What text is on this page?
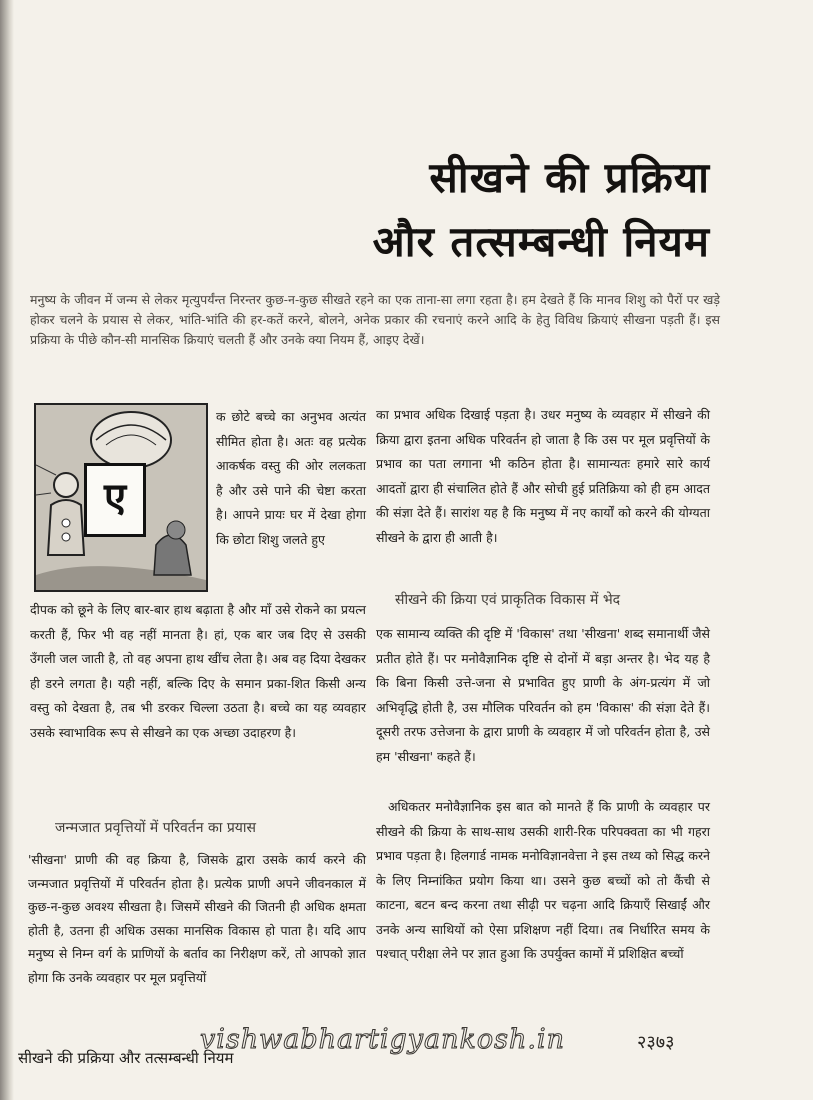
सीखने की प्रक्रिया
और तत्सम्बन्धी नियम
मनुष्य के जीवन में जन्म से लेकर मृत्युपर्यंन्त निरन्तर कुछ-न-कुछ सीखते रहने का एक ताना-सा लगा रहता है। हम देखते हैं कि मानव शिशु को पैरों पर खड़े होकर चलने के प्रयास से लेकर, भांति-भांति की हर-कतें करने, बोलने, अनेक प्रकार की रचनाएं करने आदि के हेतु विविध क्रियाएं सीखना पड़ती हैं। इस प्रक्रिया के पीछे कौन-सी मानसिक क्रियाएं चलती हैं और उनके क्या नियम हैं, आइए देखें।
ए
क छोटे बच्चे का अनुभव अत्यंत सीमित होता है। अतः वह प्रत्येक आकर्षक वस्तु की ओर ललकता है और उसे पाने की चेष्टा करता है। आपने प्रायः घर में देखा होगा कि छोटा शिशु जलते हुए
दीपक को छूने के लिए बार-बार हाथ बढ़ाता है और माँ उसे रोकने का प्रयत्न करती हैं, फिर भी वह नहीं मानता है। हां, एक बार जब दिए से उसकी उँगली जल जाती है, तो वह अपना हाथ खींच लेता है। अब वह दिया देखकर ही डरने लगता है। यही नहीं, बल्कि दिए के समान प्रका-शित किसी अन्य वस्तु को देखता है, तब भी डरकर चिल्ला उठता है। बच्चे का यह व्यवहार उसके स्वाभाविक रूप से सीखने का एक अच्छा उदाहरण है।
जन्मजात प्रवृत्तियों में परिवर्तन का प्रयास
'सीखना' प्राणी की वह क्रिया है, जिसके द्वारा उसके कार्य करने की जन्मजात प्रवृत्तियों में परिवर्तन होता है। प्रत्येक प्राणी अपने जीवनकाल में कुछ-न-कुछ अवश्य सीखता है। जिसमें सीखने की जितनी ही अधिक क्षमता होती है, उतना ही अधिक उसका मानसिक विकास हो पाता है। यदि आप मनुष्य से निम्न वर्ग के प्राणियों के बर्ताव का निरीक्षण करें, तो आपको ज्ञात होगा कि उनके व्यवहार पर मूल प्रवृत्तियों
का प्रभाव अधिक दिखाई पड़ता है। उधर मनुष्य के व्यवहार में सीखने की क्रिया द्वारा इतना अधिक परिवर्तन हो जाता है कि उस पर मूल प्रवृत्तियों के प्रभाव का पता लगाना भी कठिन होता है। सामान्यतः हमारे सारे कार्य आदतों द्वारा ही संचालित होते हैं और सोची हुई प्रतिक्रिया को ही हम आदत की संज्ञा देते हैं। सारांश यह है कि मनुष्य में नए कार्यों को करने की योग्यता सीखने के द्वारा ही आती है।
सीखने की क्रिया एवं प्राकृतिक विकास में भेद
एक सामान्य व्यक्ति की दृष्टि में 'विकास' तथा 'सीखना' शब्द समानार्थी जैसे प्रतीत होते हैं। पर मनोवैज्ञानिक दृष्टि से दोनों में बड़ा अन्तर है। भेद यह है कि बिना किसी उत्ते-जना से प्रभावित हुए प्राणी के अंग-प्रत्यंग में जो अभिवृद्धि होती है, उस मौलिक परिवर्तन को हम 'विकास' की संज्ञा देते हैं। दूसरी तरफ उत्तेजना के द्वारा प्राणी के व्यवहार में जो परिवर्तन होता है, उसे हम 'सीखना' कहते हैं।
अधिकतर मनोवैज्ञानिक इस बात को मानते हैं कि प्राणी के व्यवहार पर सीखने की क्रिया के साथ-साथ उसकी शारी-रिक परिपक्वता का भी गहरा प्रभाव पड़ता है। हिलगार्ड नामक मनोविज्ञानवेत्ता ने इस तथ्य को सिद्ध करने के लिए निम्नांकित प्रयोग किया था। उसने कुछ बच्चों को तो कैंची से काटना, बटन बन्द करना तथा सीढ़ी पर चढ़ना आदि क्रियाएँ सिखाईं और उनके अन्य साथियों को ऐसा प्रशिक्षण नहीं दिया। तब निर्धारित समय के पश्चात् परीक्षा लेने पर ज्ञात हुआ कि उपर्युक्त कामों में प्रशिक्षित बच्चों
सीखने की प्रक्रिया और तत्सम्बन्धी नियम
vishwabhartigyankosh.in	२३७३
